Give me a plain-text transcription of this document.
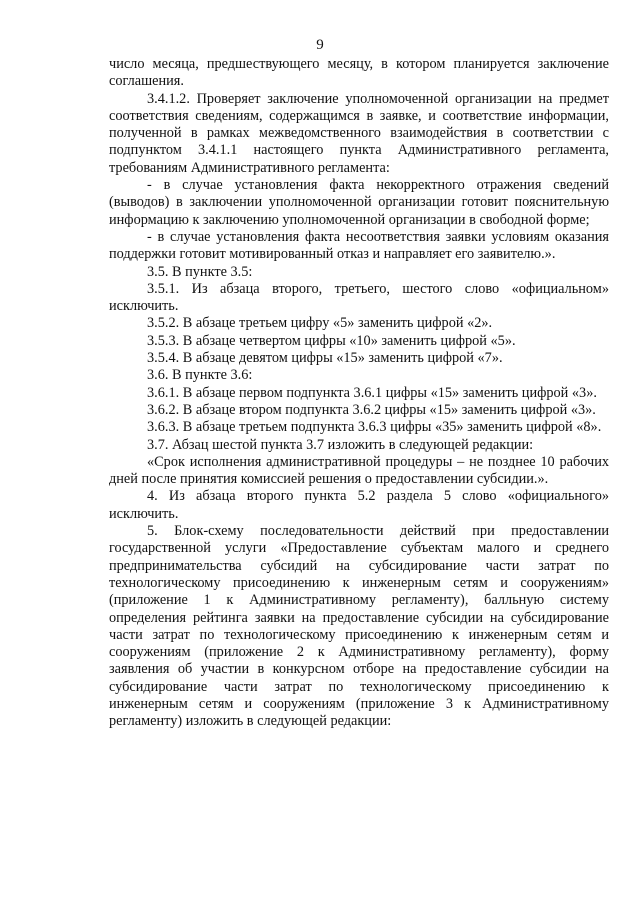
9

число месяца, предшествующего месяцу, в котором планируется заключение соглашения.

3.4.1.2. Проверяет заключение уполномоченной организации на предмет соответствия сведениям, содержащимся в заявке, и соответствие информации, полученной в рамках межведомственного взаимодействия в соответствии с подпунктом 3.4.1.1 настоящего пункта Административного регламента, требованиям Административного регламента:

- в случае установления факта некорректного отражения сведений (выводов) в заключении уполномоченной организации готовит пояснительную информацию к заключению уполномоченной организации в свободной форме;

- в случае установления факта несоответствия заявки условиям оказания поддержки готовит мотивированный отказ и направляет его заявителю.».

3.5. В пункте 3.5:

3.5.1. Из абзаца второго, третьего, шестого слово «официальном» исключить.

3.5.2. В абзаце третьем цифру «5» заменить цифрой «2».

3.5.3. В абзаце четвертом цифры «10» заменить цифрой «5».

3.5.4. В абзаце девятом цифры «15» заменить цифрой «7».

3.6. В пункте 3.6:

3.6.1. В абзаце первом подпункта 3.6.1 цифры «15» заменить цифрой «3».

3.6.2. В абзаце втором подпункта 3.6.2 цифры «15» заменить цифрой «3».

3.6.3. В абзаце третьем подпункта 3.6.3 цифры «35» заменить цифрой «8».

3.7. Абзац шестой пункта 3.7 изложить в следующей редакции:

«Срок исполнения административной процедуры – не позднее 10 рабочих дней после принятия комиссией решения о предоставлении субсидии.».

4. Из абзаца второго пункта 5.2 раздела 5 слово «официального» исключить.

5. Блок-схему последовательности действий при предоставлении государственной услуги «Предоставление субъектам малого и среднего предпринимательства субсидий на субсидирование части затрат по технологическому присоединению к инженерным сетям и сооружениям» (приложение 1 к Административному регламенту), балльную систему определения рейтинга заявки на предоставление субсидии на субсидирование части затрат по технологическому присоединению к инженерным сетям и сооружениям (приложение 2 к Административному регламенту), форму заявления об участии в конкурсном отборе на предоставление субсидии на субсидирование части затрат по технологическому присоединению к инженерным сетям и сооружениям (приложение 3 к Административному регламенту) изложить в следующей редакции:
